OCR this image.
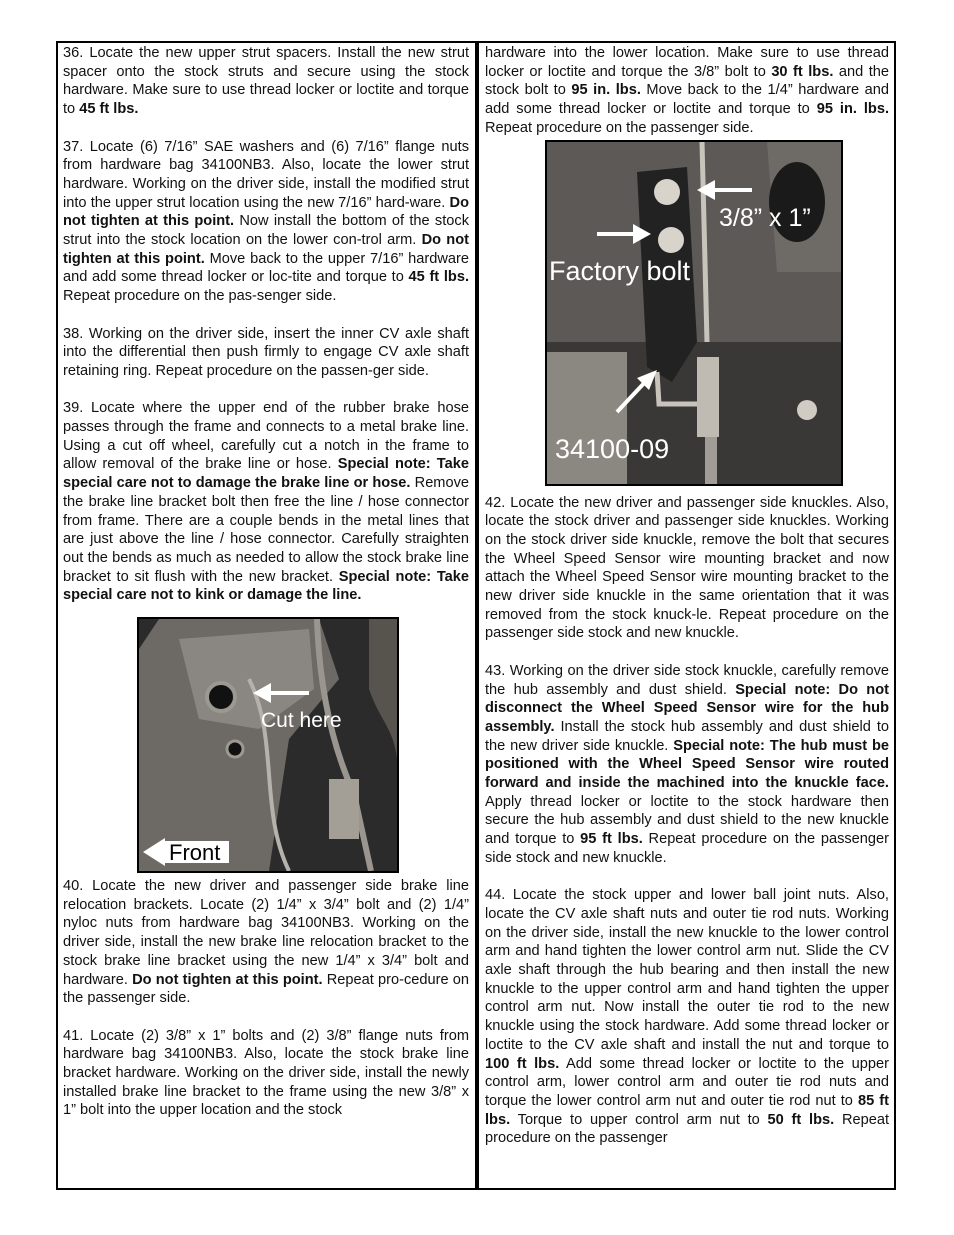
36. Locate the new upper strut spacers. Install the new strut spacer onto the stock struts and secure using the stock hardware. Make sure to use thread locker or loctite and torque to 45 ft lbs.

37. Locate (6) 7/16” SAE washers and (6) 7/16” flange nuts from hardware bag 34100NB3. Also, locate the lower strut hardware. Working on the driver side, install the modified strut into the upper strut location using the new 7/16” hard-ware. Do not tighten at this point. Now install the bottom of the stock strut into the stock location on the lower con-trol arm. Do not tighten at this point. Move back to the upper 7/16” hardware and add some thread locker or loc-tite and torque to 45 ft lbs. Repeat procedure on the pas-senger side.

38. Working on the driver side, insert the inner CV axle shaft into the differential then push firmly to engage CV axle shaft retaining ring. Repeat procedure on the passen-ger side.

39. Locate where the upper end of the rubber brake hose passes through the frame and connects to a metal brake line. Using a cut off wheel, carefully cut a notch in the frame to allow removal of the brake line or hose. Special note: Take special care not to damage the brake line or hose. Remove the brake line bracket bolt then free the line / hose connector from frame. There are a couple bends in the metal lines that are just above the line / hose connector. Carefully straighten out the bends as much as needed to allow the stock brake line bracket to sit flush with the new bracket. Special note: Take special care not to kink or damage the line.

Cut here
Front

40. Locate the new driver and passenger side brake line relocation brackets. Locate (2) 1/4” x 3/4” bolt and (2) 1/4” nyloc nuts from hardware bag 34100NB3. Working on the driver side, install the new brake line relocation bracket to the stock brake line bracket using the new 1/4” x 3/4” bolt and hardware. Do not tighten at this point. Repeat pro-cedure on the passenger side.

41. Locate (2) 3/8” x 1” bolts and (2) 3/8” flange nuts from hardware bag 34100NB3. Also, locate the stock brake line bracket hardware. Working on the driver side, install the newly installed brake line bracket to the frame using the new 3/8” x 1” bolt into the upper location and the stock

hardware into the lower location. Make sure to use thread locker or loctite and torque the 3/8” bolt to 30 ft lbs. and the stock bolt to 95 in. lbs. Move back to the 1/4” hardware and add some thread locker or loctite and torque to 95 in. lbs. Repeat procedure on the passenger side.

3/8” x 1”
Factory bolt
34100-09

42. Locate the new driver and passenger side knuckles. Also, locate the stock driver and passenger side knuckles. Working on the stock driver side knuckle, remove the bolt that secures the Wheel Speed Sensor wire mounting bracket and now attach the Wheel Speed Sensor wire mounting bracket to the new driver side knuckle in the same orientation that it was removed from the stock knuck-le. Repeat procedure on the passenger side stock and new knuckle.

43. Working on the driver side stock knuckle, carefully remove the hub assembly and dust shield. Special note: Do not disconnect the Wheel Speed Sensor wire for the hub assembly. Install the stock hub assembly and dust shield to the new driver side knuckle. Special note: The hub must be positioned with the Wheel Speed Sensor wire routed forward and inside the machined into the knuckle face. Apply thread locker or loctite to the stock hardware then secure the hub assembly and dust shield to the new knuckle and torque to 95 ft lbs. Repeat procedure on the passenger side stock and new knuckle.

44. Locate the stock upper and lower ball joint nuts. Also, locate the CV axle shaft nuts and outer tie rod nuts. Working on the driver side, install the new knuckle to the lower control arm and hand tighten the lower control arm nut. Slide the CV axle shaft through the hub bearing and then install the new knuckle to the upper control arm and hand tighten the upper control arm nut. Now install the outer tie rod to the new knuckle using the stock hardware. Add some thread locker or loctite to the CV axle shaft and install the nut and torque to 100 ft lbs. Add some thread locker or loctite to the upper control arm, lower control arm and outer tie rod nuts and torque the lower control arm nut and outer tie rod nut to 85 ft lbs. Torque to upper control arm nut to 50 ft lbs. Repeat procedure on the passenger
